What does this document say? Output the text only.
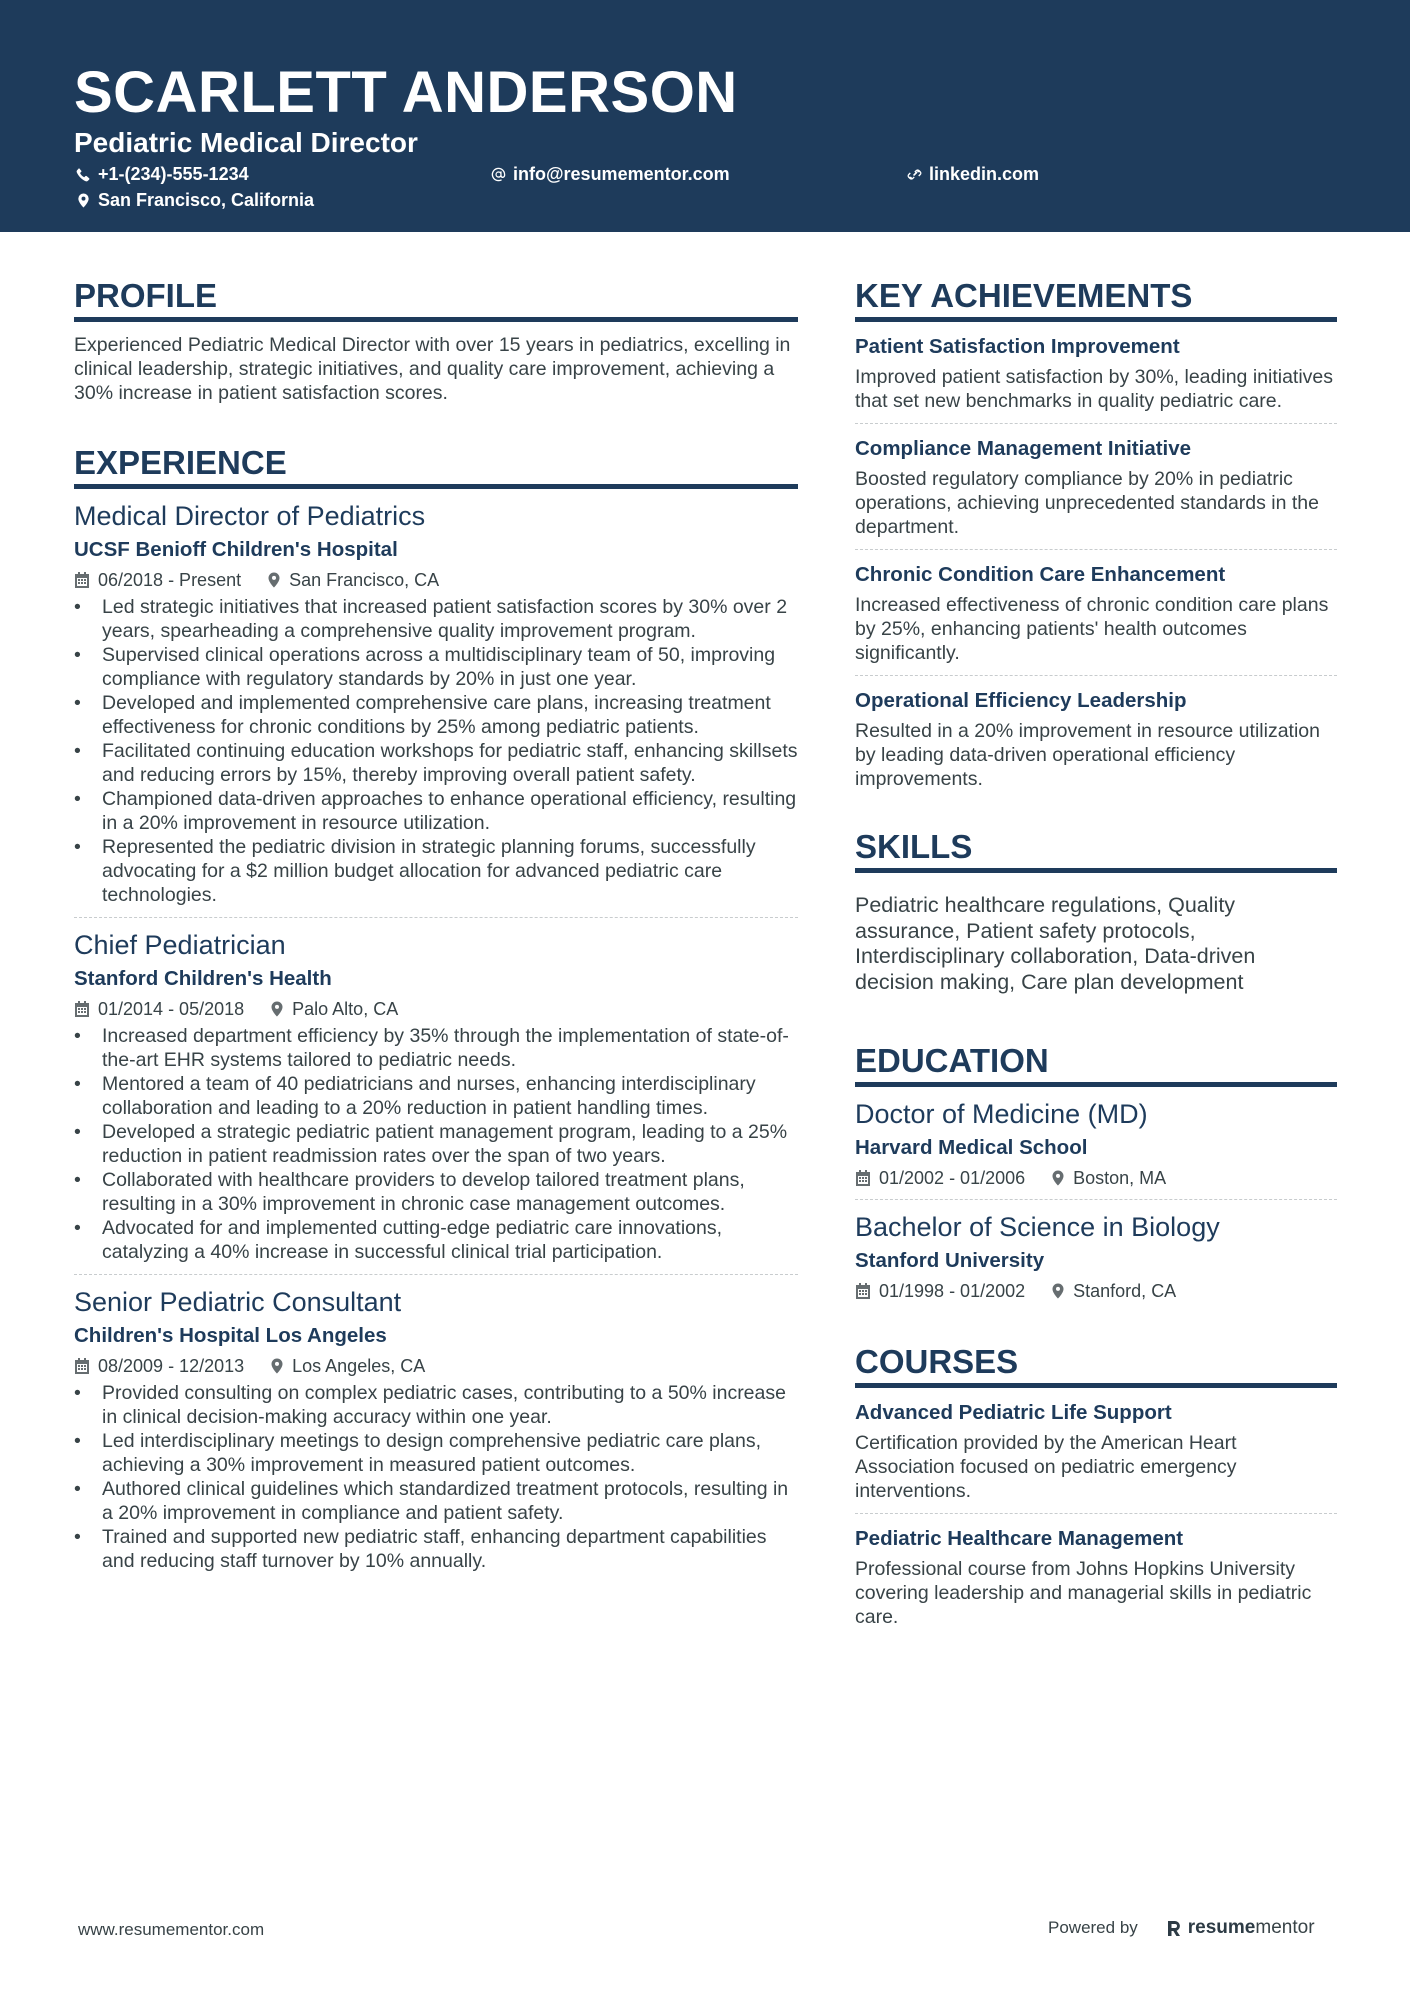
SCARLETT ANDERSON
Pediatric Medical Director
+1-(234)-555-1234	info@resumementor.com	linkedin.com
San Francisco, California
PROFILE
Experienced Pediatric Medical Director with over 15 years in pediatrics, excelling in clinical leadership, strategic initiatives, and quality care improvement, achieving a 30% increase in patient satisfaction scores.
EXPERIENCE
Medical Director of Pediatrics
UCSF Benioff Children's Hospital
06/2018 - Present	San Francisco, CA
• Led strategic initiatives that increased patient satisfaction scores by 30% over 2 years, spearheading a comprehensive quality improvement program.
• Supervised clinical operations across a multidisciplinary team of 50, improving compliance with regulatory standards by 20% in just one year.
• Developed and implemented comprehensive care plans, increasing treatment effectiveness for chronic conditions by 25% among pediatric patients.
• Facilitated continuing education workshops for pediatric staff, enhancing skillsets and reducing errors by 15%, thereby improving overall patient safety.
• Championed data-driven approaches to enhance operational efficiency, resulting in a 20% improvement in resource utilization.
• Represented the pediatric division in strategic planning forums, successfully advocating for a $2 million budget allocation for advanced pediatric care technologies.
Chief Pediatrician
Stanford Children's Health
01/2014 - 05/2018	Palo Alto, CA
• Increased department efficiency by 35% through the implementation of state-of-the-art EHR systems tailored to pediatric needs.
• Mentored a team of 40 pediatricians and nurses, enhancing interdisciplinary collaboration and leading to a 20% reduction in patient handling times.
• Developed a strategic pediatric patient management program, leading to a 25% reduction in patient readmission rates over the span of two years.
• Collaborated with healthcare providers to develop tailored treatment plans, resulting in a 30% improvement in chronic case management outcomes.
• Advocated for and implemented cutting-edge pediatric care innovations, catalyzing a 40% increase in successful clinical trial participation.
Senior Pediatric Consultant
Children's Hospital Los Angeles
08/2009 - 12/2013	Los Angeles, CA
• Provided consulting on complex pediatric cases, contributing to a 50% increase in clinical decision-making accuracy within one year.
• Led interdisciplinary meetings to design comprehensive pediatric care plans, achieving a 30% improvement in measured patient outcomes.
• Authored clinical guidelines which standardized treatment protocols, resulting in a 20% improvement in compliance and patient safety.
• Trained and supported new pediatric staff, enhancing department capabilities and reducing staff turnover by 10% annually.
KEY ACHIEVEMENTS
Patient Satisfaction Improvement
Improved patient satisfaction by 30%, leading initiatives that set new benchmarks in quality pediatric care.
Compliance Management Initiative
Boosted regulatory compliance by 20% in pediatric operations, achieving unprecedented standards in the department.
Chronic Condition Care Enhancement
Increased effectiveness of chronic condition care plans by 25%, enhancing patients' health outcomes significantly.
Operational Efficiency Leadership
Resulted in a 20% improvement in resource utilization by leading data-driven operational efficiency improvements.
SKILLS
Pediatric healthcare regulations, Quality assurance, Patient safety protocols, Interdisciplinary collaboration, Data-driven decision making, Care plan development
EDUCATION
Doctor of Medicine (MD)
Harvard Medical School
01/2002 - 01/2006	Boston, MA
Bachelor of Science in Biology
Stanford University
01/1998 - 01/2002	Stanford, CA
COURSES
Advanced Pediatric Life Support
Certification provided by the American Heart Association focused on pediatric emergency interventions.
Pediatric Healthcare Management
Professional course from Johns Hopkins University covering leadership and managerial skills in pediatric care.
www.resumementor.com	Powered by	resume mentor
